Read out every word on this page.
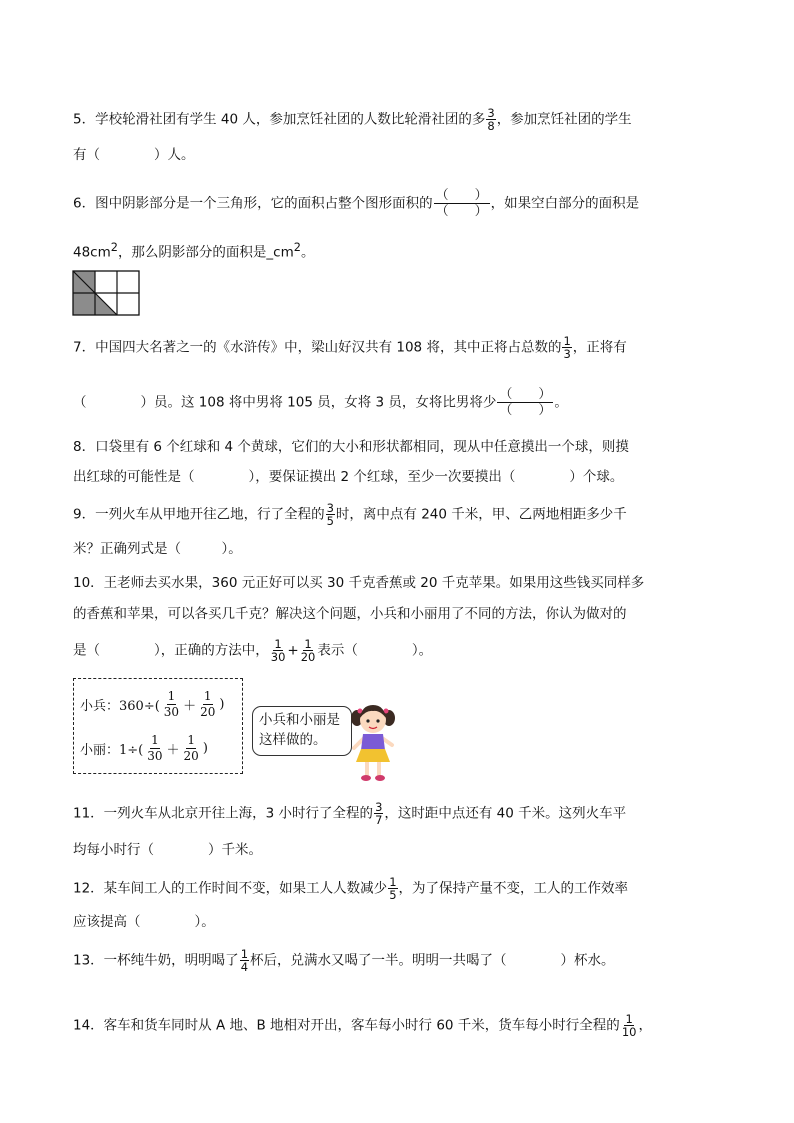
5．学校轮滑社团有学生 40 人，参加烹饪社团的人数比轮滑社团的多 $\frac{3}{8}$ ，参加烹饪社团的学生
有（　　　　）人。
6．图中阴影部分是一个三角形，它的面积占整个图形面积的 $\frac{( )}{( )}$ ，如果空白部分的面积是
$48cm^2$，那么阴影部分的面积是$\_cm^2$。
7．中国四大名著之一的《水浒传》中，梁山好汉共有 108 将，其中正将占总数的 $\frac{1}{3}$ ，正将有
（　　　　）员。这 108 将中男将 105 员，女将 3 员，女将比男将少 $\frac{( )}{( )}$ 。
8．口袋里有 6 个红球和 4 个黄球，它们的大小和形状都相同，现从中任意摸出一个球，则摸
出红球的可能性是（　　　　），要保证摸出 2 个红球，至少一次要摸出（　　　　）个球。
9．一列火车从甲地开往乙地，行了全程的 $\frac{3}{5}$ 时，离中点有 240 千米，甲、乙两地相距多少千
米？正确列式是（　　　）。
10．王老师去买水果，360 元正好可以买 30 千克香蕉或 20 千克苹果。如果用这些钱买同样多
的香蕉和苹果，可以各买几千克？解决这个问题，小兵和小丽用了不同的方法，你认为做对的
是（　　　　），正确的方法中， $\frac{1}{30} + \frac{1}{20}$ 表示（　　　　）。
小兵：$360\div( \frac{1}{30} + \frac{1}{20}$ )
小丽：$1\div( \frac{1}{30} + \frac{1}{20}$ )
小兵和小丽是
这样做的。
11．一列火车从北京开往上海，3 小时行了全程的 $\frac{3}{7}$ ，这时距中点还有 40 千米。这列火车平
均每小时行（　　　　）千米。
12．某车间工人的工作时间不变，如果工人人数减少 $\frac{1}{5}$ ，为了保持产量不变，工人的工作效率
应该提高（　　　　）。
13．一杯纯牛奶，明明喝了 $\frac{1}{4}$ 杯后，兑满水又喝了一半。明明一共喝了（　　　　）杯水。
14．客车和货车同时从 A 地、B 地相对开出，客车每小时行 60 千米，货车每小时行全程的 $\frac{1}{10}$ ，
